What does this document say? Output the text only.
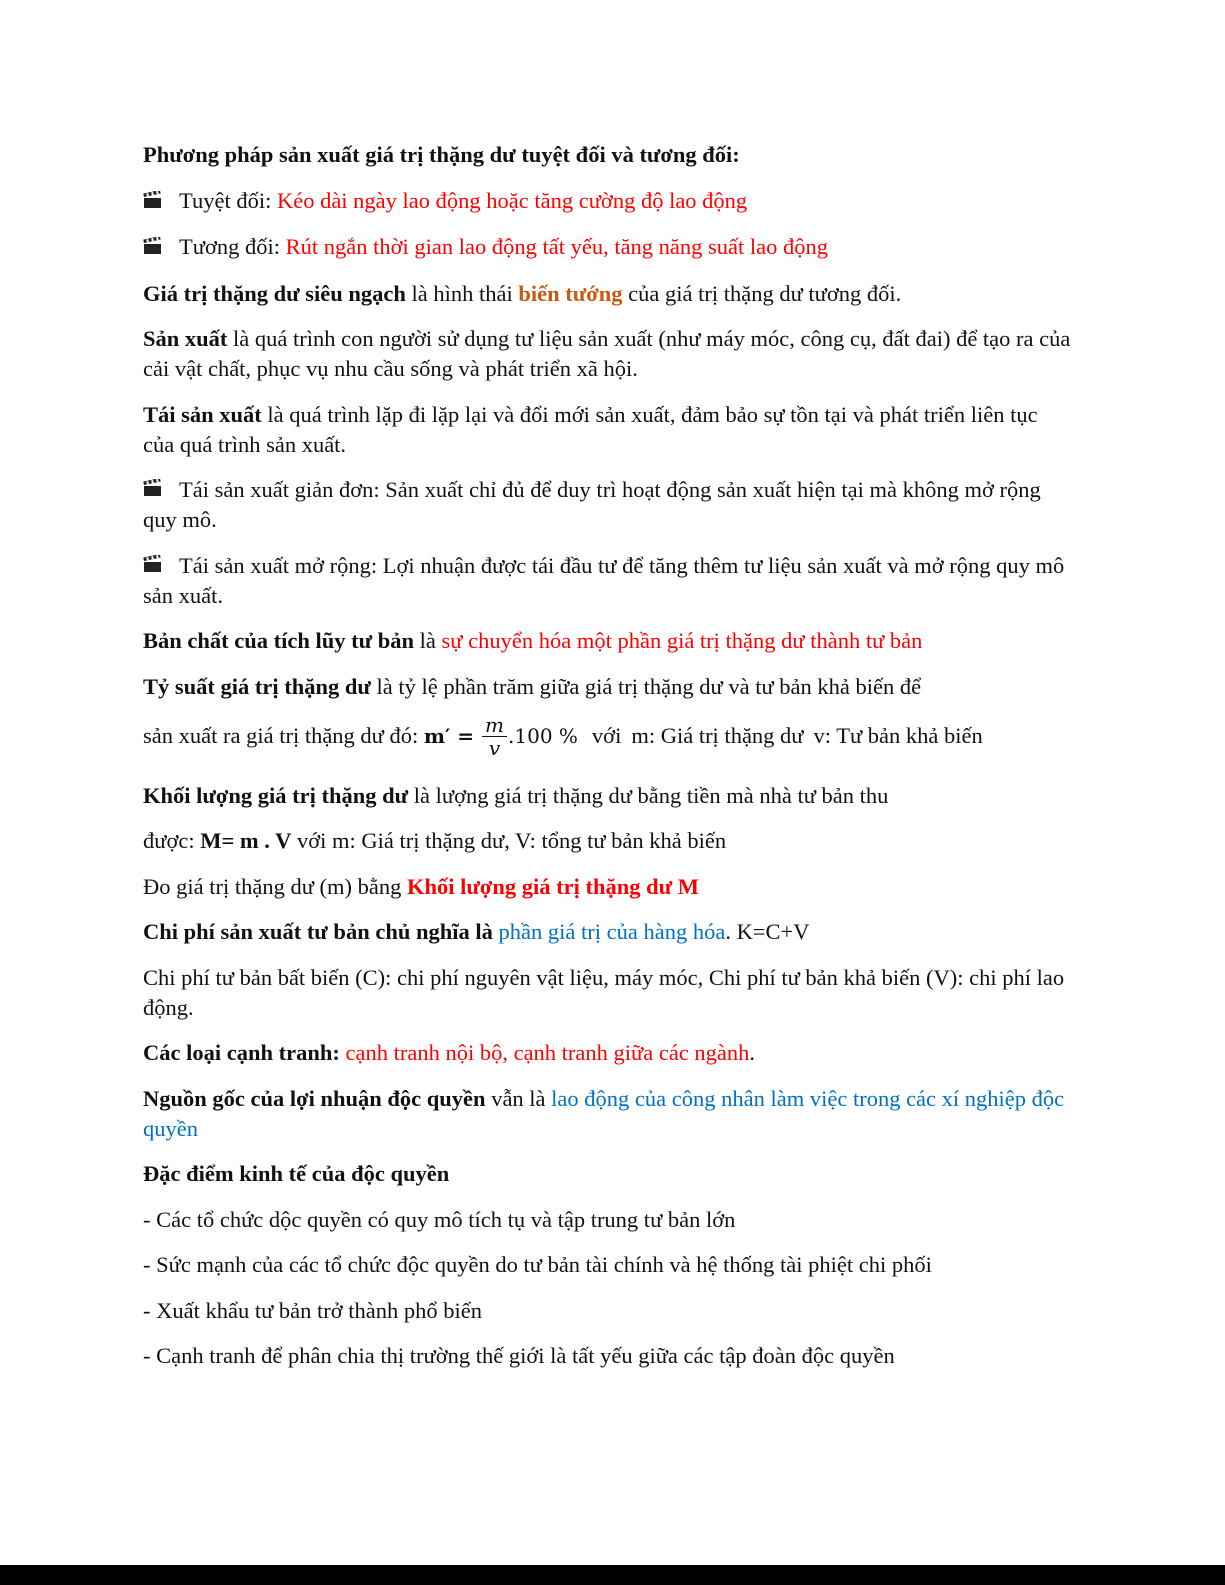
Phương pháp sản xuất giá trị thặng dư tuyệt đối và tương đối:

Tuyệt đối: Kéo dài ngày lao động hoặc tăng cường độ lao động

Tương đối: Rút ngắn thời gian lao động tất yếu, tăng năng suất lao động

Giá trị thặng dư siêu ngạch là hình thái biến tướng của giá trị thặng dư tương đối.

Sản xuất là quá trình con người sử dụng tư liệu sản xuất (như máy móc, công cụ, đất đai) để tạo ra của cải vật chất, phục vụ nhu cầu sống và phát triển xã hội.

Tái sản xuất là quá trình lặp đi lặp lại và đổi mới sản xuất, đảm bảo sự tồn tại và phát triển liên tục của quá trình sản xuất.

Tái sản xuất giản đơn: Sản xuất chỉ đủ để duy trì hoạt động sản xuất hiện tại mà không mở rộng quy mô.

Tái sản xuất mở rộng: Lợi nhuận được tái đầu tư để tăng thêm tư liệu sản xuất và mở rộng quy mô sản xuất.

Bản chất của tích lũy tư bản là sự chuyển hóa một phần giá trị thặng dư thành tư bản

Tỷ suất giá trị thặng dư là tỷ lệ phần trăm giữa giá trị thặng dư và tư bản khả biến để

sản xuất ra giá trị thặng dư đó: $m' = \frac{m}{v} .100$ % với m: Giá trị thặng dư v: Tư bản khả biến

Khối lượng giá trị thặng dư là lượng giá trị thặng dư bằng tiền mà nhà tư bản thu

được: M= m . V với m: Giá trị thặng dư, V: tổng tư bản khả biến

Đo giá trị thặng dư (m) bằng Khối lượng giá trị thặng dư M

Chi phí sản xuất tư bản chủ nghĩa là phần giá trị của hàng hóa. K=C+V

Chi phí tư bản bất biến (C): chi phí nguyên vật liệu, máy móc, Chi phí tư bản khả biến (V): chi phí lao động.

Các loại cạnh tranh: cạnh tranh nội bộ, cạnh tranh giữa các ngành.

Nguồn gốc của lợi nhuận độc quyền vẫn là lao động của công nhân làm việc trong các xí nghiệp độc quyền

Đặc điểm kinh tế của độc quyền

- Các tổ chức dộc quyền có quy mô tích tụ và tập trung tư bản lớn

- Sức mạnh của các tổ chức độc quyền do tư bản tài chính và hệ thống tài phiệt chi phối

- Xuất khẩu tư bản trở thành phổ biến

- Cạnh tranh để phân chia thị trường thế giới là tất yếu giữa các tập đoàn độc quyền
